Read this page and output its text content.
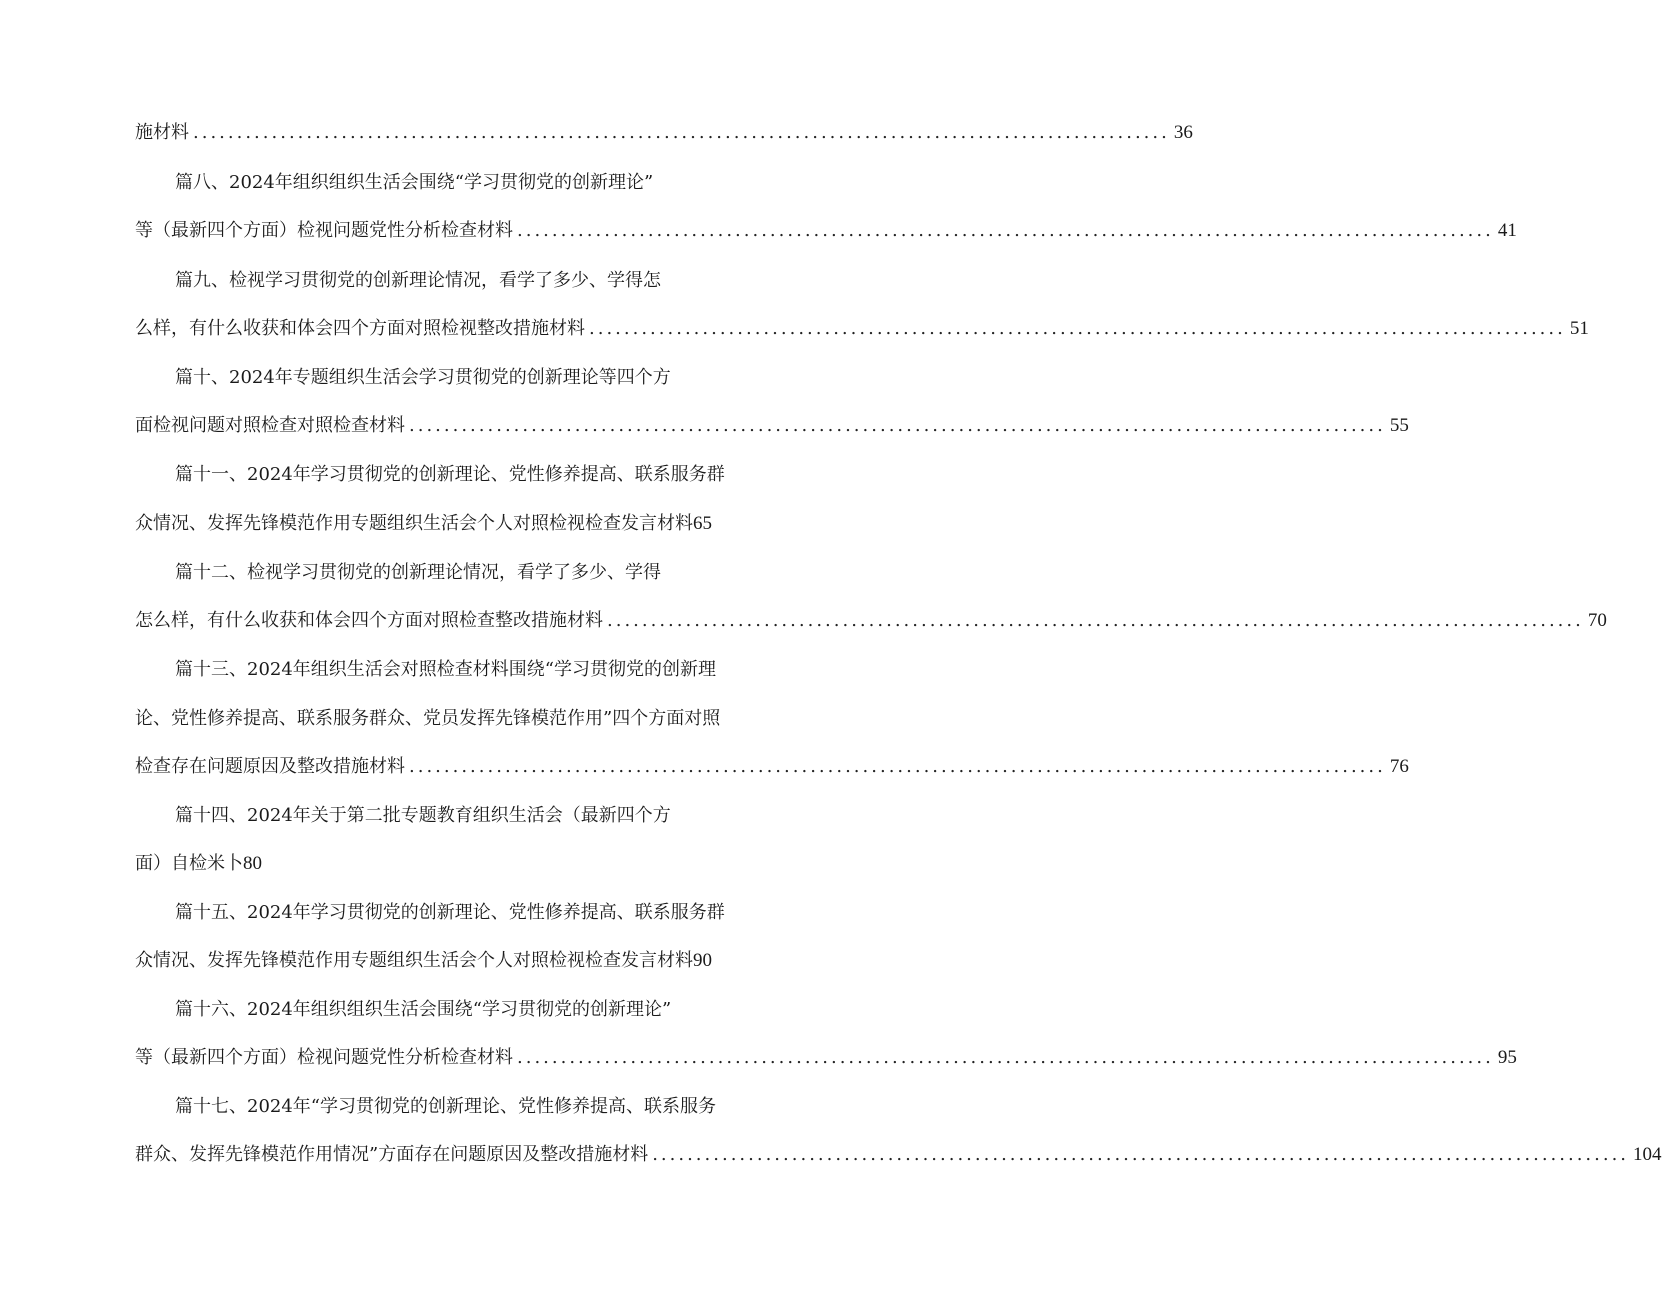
施材料 ................................................................................................................ 36
篇八、2024年组织组织生活会围绕“学习贯彻党的创新理论”
等（最新四个方面）检视问题党性分析检查材料 ................................................................................................................ 41
篇九、检视学习贯彻党的创新理论情况，看学了多少、学得怎
么样，有什么收获和体会四个方面对照检视整改措施材料 ................................................................................................................ 51
篇十、2024年专题组织生活会学习贯彻党的创新理论等四个方
面检视问题对照检查对照检查材料 ................................................................................................................ 55
篇十一、2024年学习贯彻党的创新理论、党性修养提高、联系服务群
众情况、发挥先锋模范作用专题组织生活会个人对照检视检查发言材料 65
篇十二、检视学习贯彻党的创新理论情况，看学了多少、学得
怎么样，有什么收获和体会四个方面对照检查整改措施材料 ................................................................................................................ 70
篇十三、2024年组织生活会对照检查材料围绕“学习贯彻党的创新理
论、党性修养提高、联系服务群众、党员发挥先锋模范作用”四个方面对照
检查存在问题原因及整改措施材料 ................................................................................................................ 76
篇十四、2024年关于第二批专题教育组织生活会（最新四个方
面）自检米卜80
篇十五、2024年学习贯彻党的创新理论、党性修养提高、联系服务群
众情况、发挥先锋模范作用专题组织生活会个人对照检视检查发言材料 90
篇十六、2024年组织组织生活会围绕“学习贯彻党的创新理论”
等（最新四个方面）检视问题党性分析检查材料 ................................................................................................................ 95
篇十七、2024年“学习贯彻党的创新理论、党性修养提高、联系服务
群众、发挥先锋模范作用情况”方面存在问题原因及整改措施材料 ................................................................................................................ 104
